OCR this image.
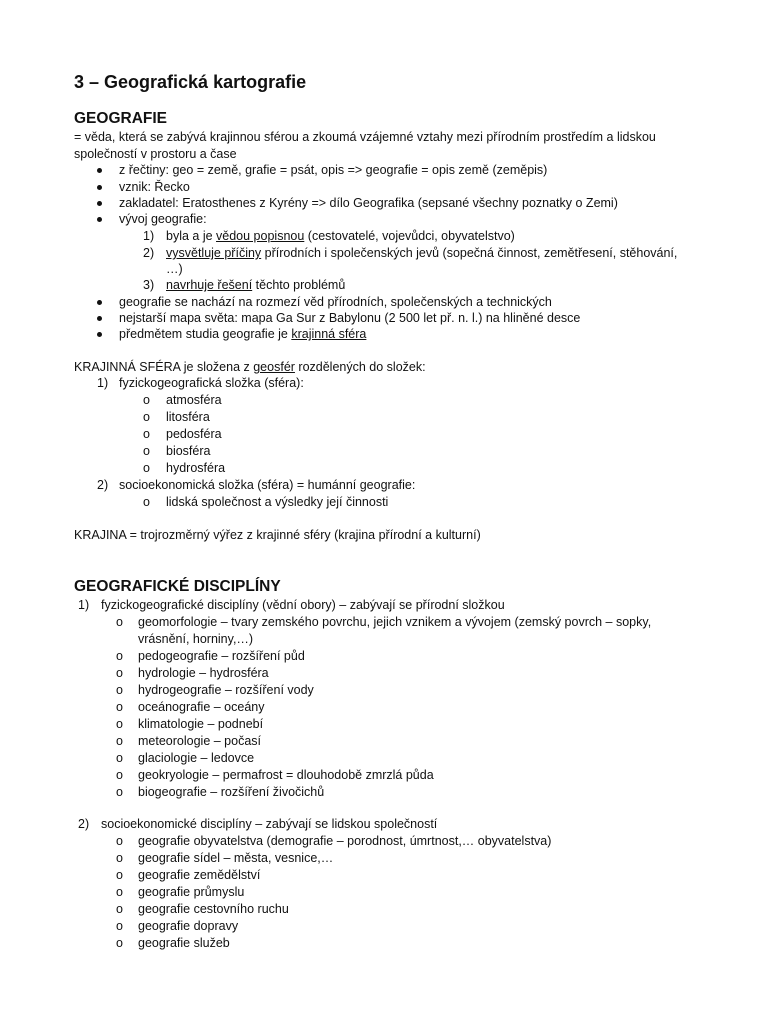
3 – Geografická kartografie
GEOGRAFIE
= věda, která se zabývá krajinnou sférou a zkoumá vzájemné vztahy mezi přírodním prostředím a lidskou
společností v prostoru a čase
z řečtiny: geo = země, grafie = psát, opis => geografie = opis země (zeměpis)
vznik: Řecko
zakladatel: Eratosthenes z Kyrény => dílo Geografika (sepsané všechny poznatky o Zemi)
vývoj geografie:
1) byla a je vědou popisnou (cestovatelé, vojevůdci, obyvatelstvo)
2) vysvětluje příčiny přírodních i společenských jevů (sopečná činnost, zemětřesení, stěhování,
…)
3) navrhuje řešení těchto problémů
geografie se nachází na rozmezí věd přírodních, společenských a technických
nejstarší mapa světa: mapa Ga Sur z Babylonu (2 500 let př. n. l.) na hliněné desce
předmětem studia geografie je krajinná sféra
KRAJINNÁ SFÉRA je složena z geosfér rozdělených do složek:
1) fyzickogeografická složka (sféra):
o atmosféra
o litosféra
o pedosféra
o biosféra
o hydrosféra
2) socioekonomická složka (sféra) = humánní geografie:
o lidská společnost a výsledky její činnosti
KRAJINA = trojrozměrný výřez z krajinné sféry (krajina přírodní a kulturní)
GEOGRAFICKÉ DISCIPLÍNY
1) fyzickogeografické disciplíny (vědní obory) – zabývají se přírodní složkou
o geomorfologie – tvary zemského povrchu, jejich vznikem a vývojem (zemský povrch – sopky,
vrásnění, horniny,…)
o pedogeografie – rozšíření půd
o hydrologie – hydrosféra
o hydrogeografie – rozšíření vody
o oceánografie – oceány
o klimatologie – podnebí
o meteorologie – počasí
o glaciologie – ledovce
o geokryologie – permafrost = dlouhodobě zmrzlá půda
o biogeografie – rozšíření živočichů
2) socioekonomické disciplíny – zabývají se lidskou společností
o geografie obyvatelstva (demografie – porodnost, úmrtnost,… obyvatelstva)
o geografie sídel – města, vesnice,…
o geografie zemědělství
o geografie průmyslu
o geografie cestovního ruchu
o geografie dopravy
o geografie služeb
